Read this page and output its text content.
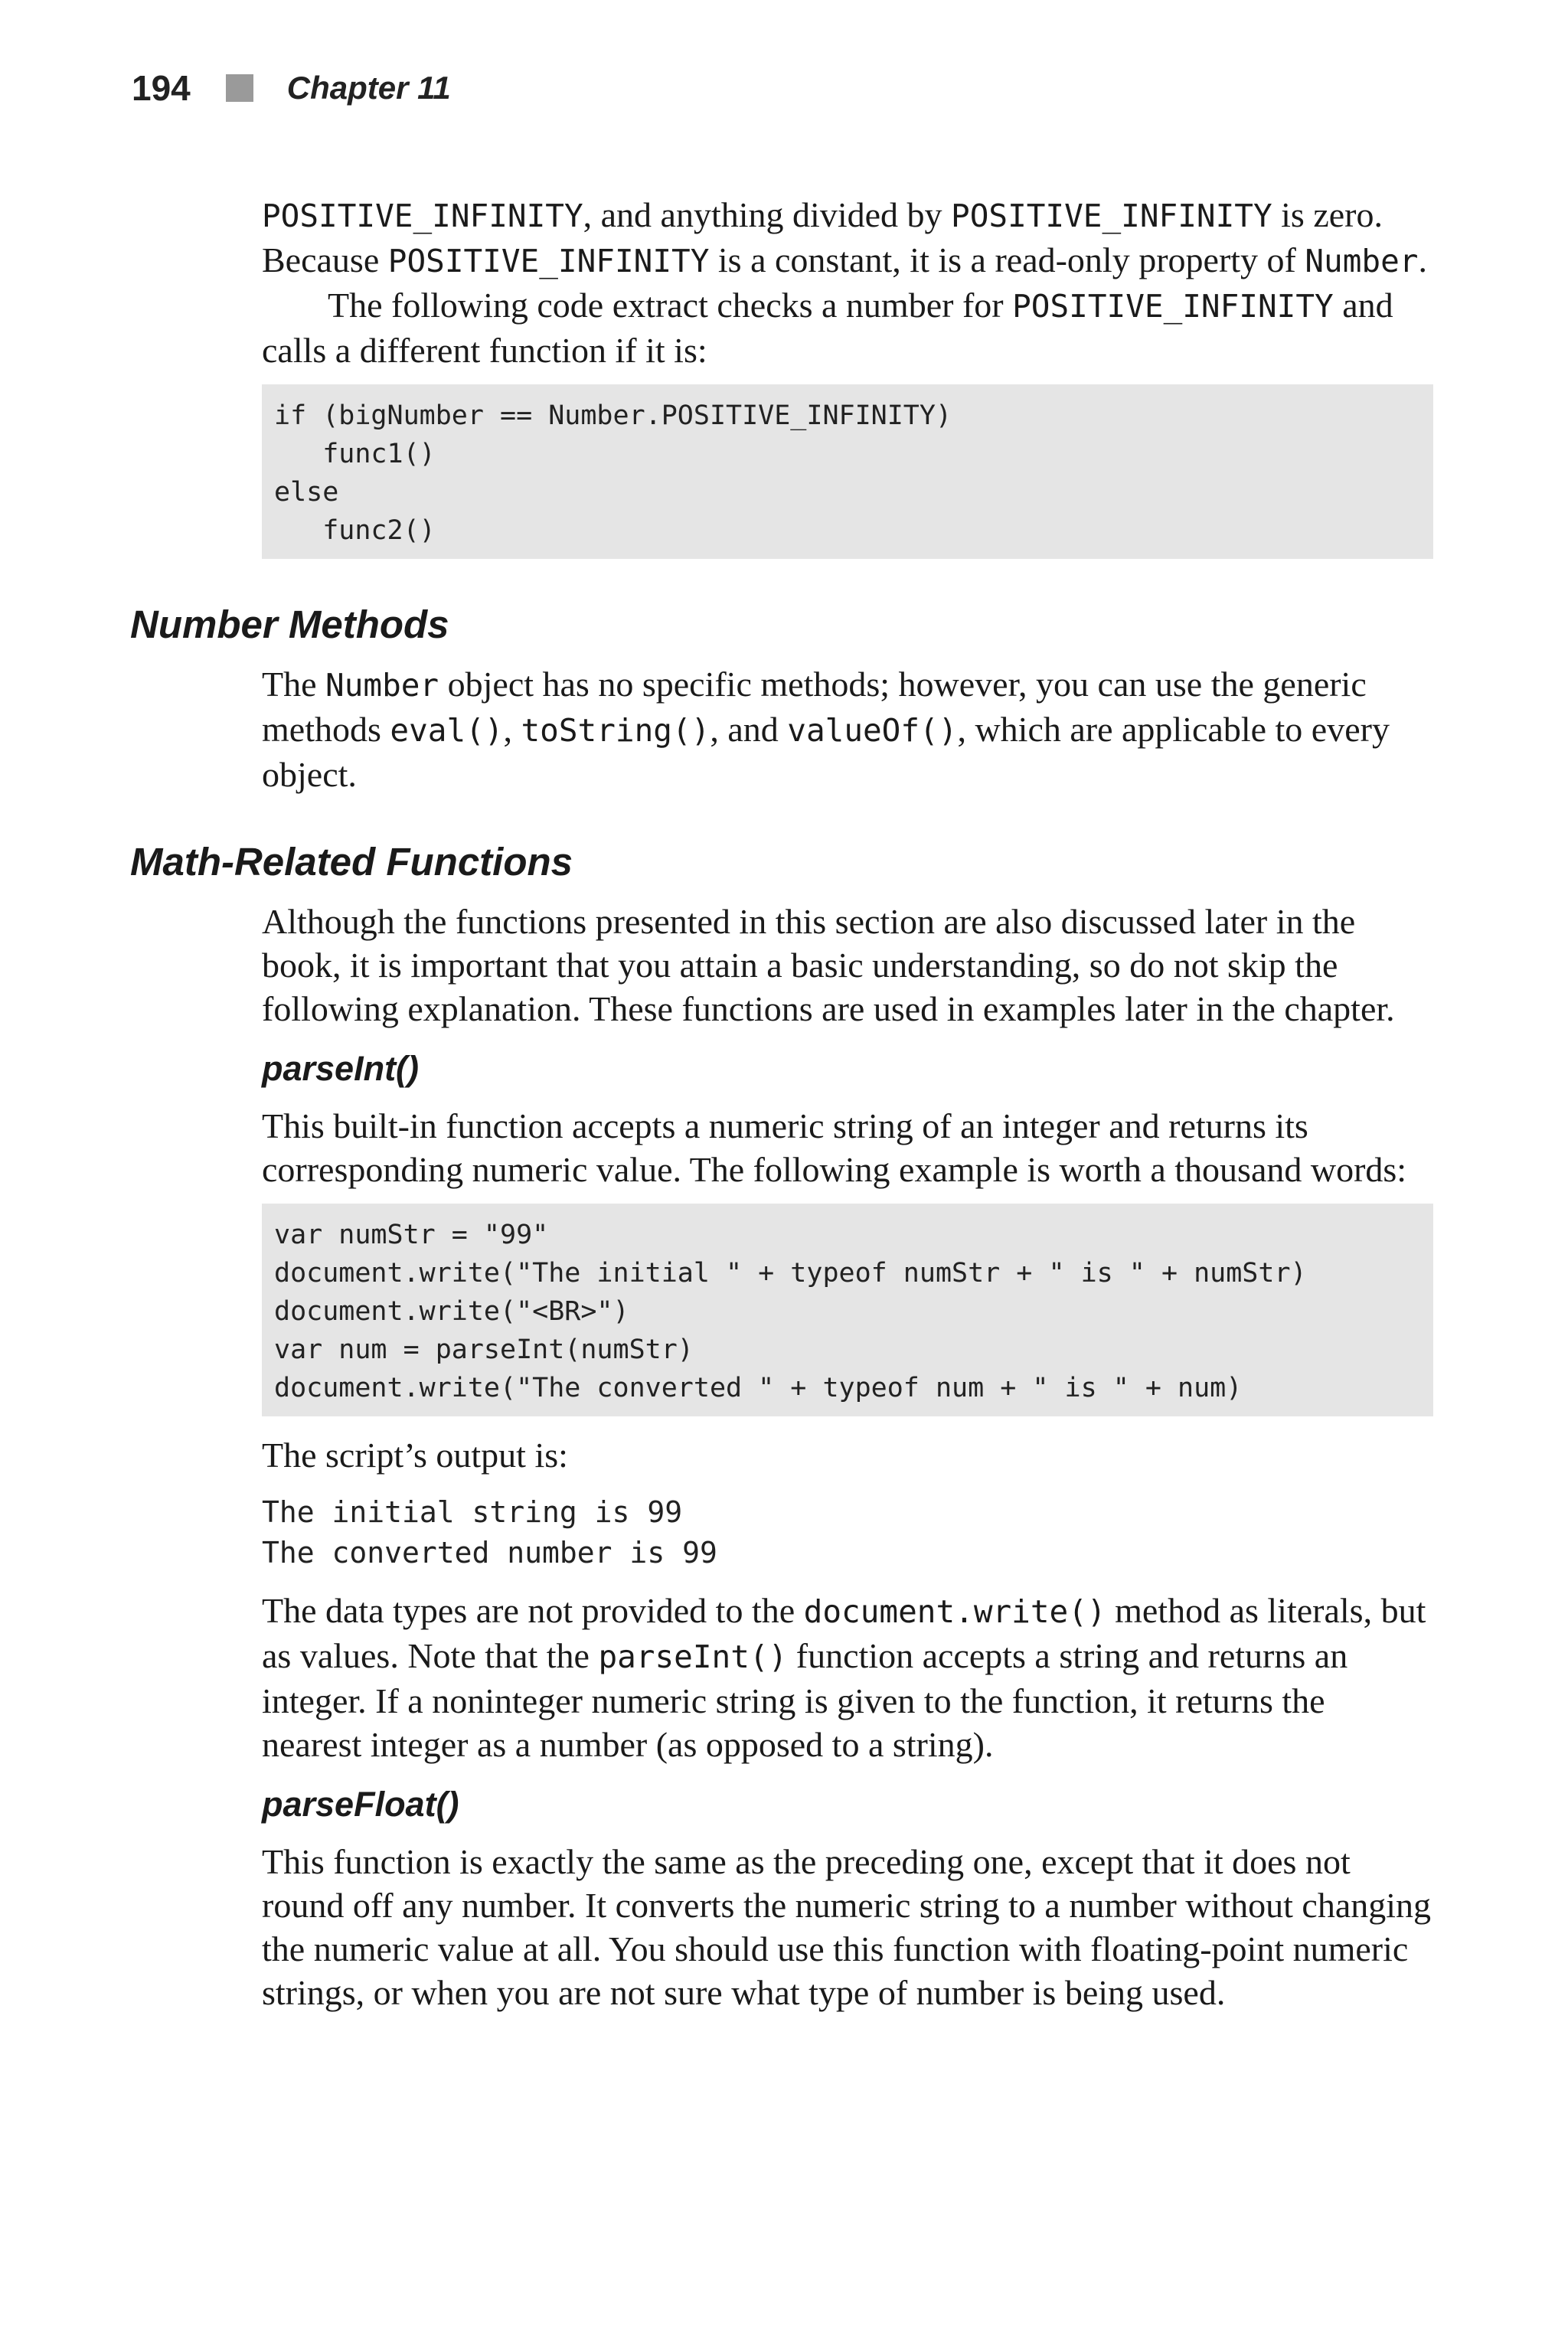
194	Chapter 11

POSITIVE_INFINITY, and anything divided by POSITIVE_INFINITY is zero. Because POSITIVE_INFINITY is a constant, it is a read-only property of Number.

The following code extract checks a number for POSITIVE_INFINITY and calls a different function if it is:

if (bigNumber == Number.POSITIVE_INFINITY)
func1()
else
func2()
Number Methods

The Number object has no specific methods; however, you can use the generic methods eval(), toString(), and valueOf(), which are applicable to every object.

Math-Related Functions

Although the functions presented in this section are also discussed later in the book, it is important that you attain a basic understanding, so do not skip the following explanation. These functions are used in examples later in the chapter.

parseInt()

This built-in function accepts a numeric string of an integer and returns its corresponding numeric value. The following example is worth a thousand words:

var numStr = "99"
document.write("The initial " + typeof numStr + " is " + numStr)
document.write("<BR>")
var num = parseInt(numStr)
document.write("The converted " + typeof num + " is " + num)

The script’s output is:

The initial string is 99
The converted number is 99

The data types are not provided to the document.write() method as literals, but as values. Note that the parseInt() function accepts a string and returns an integer. If a noninteger numeric string is given to the function, it returns the nearest integer as a number (as opposed to a string).

parseFloat()

This function is exactly the same as the preceding one, except that it does not round off any number. It converts the numeric string to a number without changing the numeric value at all. You should use this function with floating-point numeric strings, or when you are not sure what type of number is being used.
